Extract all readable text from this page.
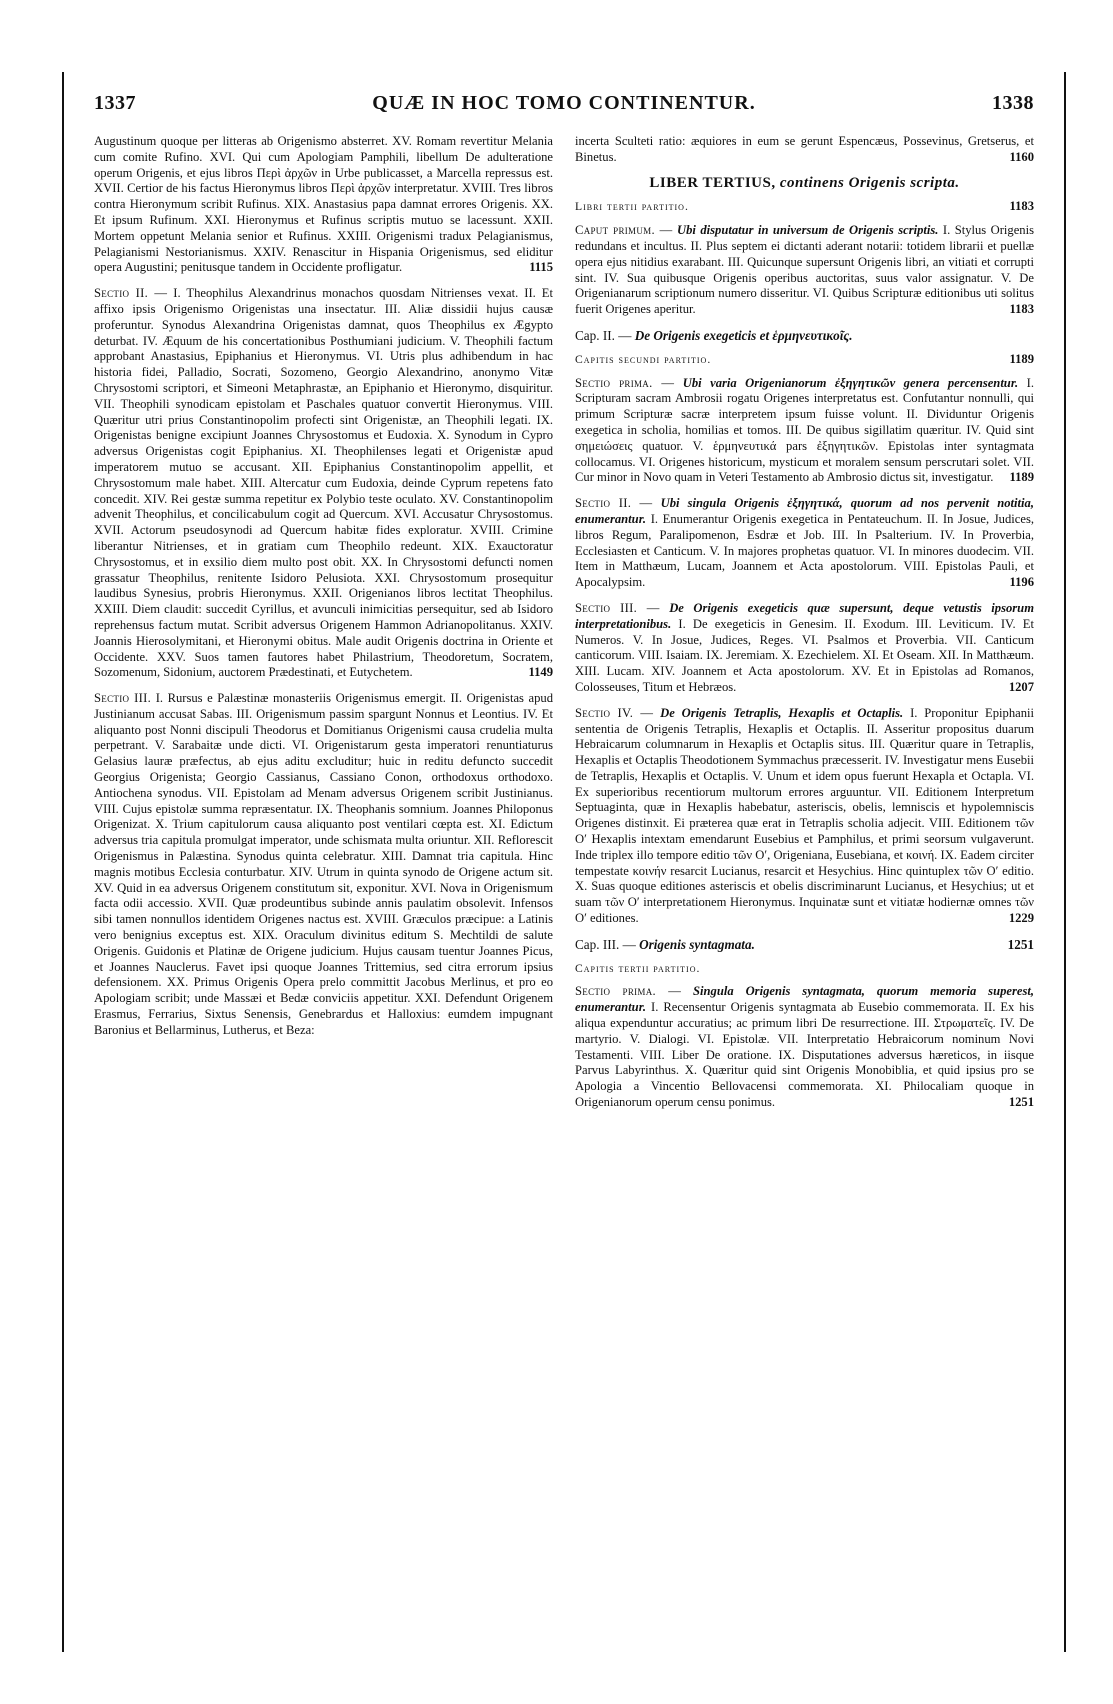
1337	QUÆ IN HOC TOMO CONTINENTUR.	1338

Augustinum quoque per litteras ab Origenismo absterret. XV. Romam revertitur Melania cum comite Rufino. XVI. Qui cum Apologiam Pamphili, libellum De adulteratione operum Origenis, et ejus libros Περὶ ἀρχῶν in Urbe publicasset, a Marcella repressus est. XVII. Certior de his factus Hieronymus libros Περὶ ἀρχῶν interpretatur. XVIII. Tres libros contra Hieronymum scribit Rufinus. XIX. Anastasius papa damnat errores Origenis. XX. Et ipsum Rufinum. XXI. Hieronymus et Rufinus scriptis mutuo se lacessunt. XXII. Mortem oppetunt Melania senior et Rufinus. XXIII. Origenismi tradux Pelagianismus, Pelagianismi Nestorianismus. XXIV. Renascitur in Hispania Origenismus, sed eliditur opera Augustini; penitusque tandem in Occidente profligatur.	1115

Sectio II. — I. Theophilus Alexandrinus monachos quosdam Nitrienses vexat. II. Et affixo ipsis Origenismo Origenistas una insectatur. III. Aliæ dissidii hujus causæ proferuntur. Synodus Alexandrina Origenistas damnat, quos Theophilus ex Ægypto deturbat. IV. Æquum de his concertationibus Posthumiani judicium. V. Theophili factum approbant Anastasius, Epiphanius et Hieronymus. VI. Utris plus adhibendum in hac historia fidei, Palladio, Socrati, Sozomeno, Georgio Alexandrino, anonymo Vitæ Chrysostomi scriptori, et Simeoni Metaphrastæ, an Epiphanio et Hieronymo, disquiritur. VII. Theophili synodicam epistolam et Paschales quatuor convertit Hieronymus. VIII. Quæritur utri prius Constantinopolim profecti sint Origenistæ, an Theophili legati. IX. Origenistas benigne excipiunt Joannes Chrysostomus et Eudoxia. X. Synodum in Cypro adversus Origenistas cogit Epiphanius. XI. Theophilenses legati et Origenistæ apud imperatorem mutuo se accusant. XII. Epiphanius Constantinopolim appellit, et Chrysostomum male habet. XIII. Altercatur cum Eudoxia, deinde Cyprum repetens fato concedit. XIV. Rei gestæ summa repetitur ex Polybio teste oculato. XV. Constantinopolim advenit Theophilus, et concilicabulum cogit ad Quercum. XVI. Accusatur Chrysostomus. XVII. Actorum pseudosynodi ad Quercum habitæ fides exploratur. XVIII. Crimine liberantur Nitrienses, et in gratiam cum Theophilo redeunt. XIX. Exauctoratur Chrysostomus, et in exsilio diem multo post obit. XX. In Chrysostomi defuncti nomen grassatur Theophilus, renitente Isidoro Pelusiota. XXI. Chrysostomum prosequitur laudibus Synesius, probris Hieronymus. XXII. Origenianos libros lectitat Theophilus. XXIII. Diem claudit: succedit Cyrillus, et avunculi inimicitias persequitur, sed ab Isidoro reprehensus factum mutat. Scribit adversus Origenem Hammon Adrianopolitanus. XXIV. Joannis Hierosolymitani, et Hieronymi obitus. Male audit Origenis doctrina in Oriente et Occidente. XXV. Suos tamen fautores habet Philastrium, Theodoretum, Socratem, Sozomenum, Sidonium, auctorem Prædestinati, et Eutychetem.	1149

Sectio III. I. Rursus e Palæstinæ monasteriis Origenismus emergit. II. Origenistas apud Justinianum accusat Sabas. III. Origenismum passim spargunt Nonnus et Leontius. IV. Et aliquanto post Nonni discipuli Theodorus et Domitianus Origenismi causa crudelia multa perpetrant. V. Sarabaitæ unde dicti. VI. Origenistarum gesta imperatori renuntiaturus Gelasius lauræ præfectus, ab ejus aditu excluditur; huic in reditu defuncto succedit Georgius Origenista; Georgio Cassianus, Cassiano Conon, orthodoxus orthodoxo. Antiochena synodus. VII. Epistolam ad Menam adversus Origenem scribit Justinianus. VIII. Cujus epistolæ summa repræsentatur. IX. Theophanis somnium. Joannes Philoponus Origenizat. X. Trium capitulorum causa aliquanto post ventilari cœpta est. XI. Edictum adversus tria capitula promulgat imperator, unde schismata multa oriuntur. XII. Reflorescit Origenismus in Palæstina. Synodus quinta celebratur. XIII. Damnat tria capitula. Hinc magnis motibus Ecclesia conturbatur. XIV. Utrum in quinta synodo de Origene actum sit. XV. Quid in ea adversus Origenem constitutum sit, exponitur. XVI. Nova in Origenismum facta odii accessio. XVII. Quæ prodeuntibus subinde annis paulatim obsolevit. Infensos sibi tamen nonnullos identidem Origenes nactus est. XVIII. Græculos præcipue: a Latinis vero benignius exceptus est. XIX. Oraculum divinitus editum S. Mechtildi de salute Origenis. Guidonis et Platinæ de Origene judicium. Hujus causam tuentur Joannes Picus, et Joannes Nauclerus. Favet ipsi quoque Joannes Trittemius, sed citra errorum ipsius defensionem. XX. Primus Origenis Opera prelo committit Jacobus Merlinus, et pro eo Apologiam scribit; unde Massæi et Bedæ conviciis appetitur. XXI. Defendunt Origenem Erasmus, Ferrarius, Sixtus Senensis, Genebrardus et Halloxius: eumdem impugnant Baronius et Bellarminus, Lutherus, et Beza:

incerta Sculteti ratio: æquiores in eum se gerunt Espencæus, Possevinus, Gretserus, et Binetus.	1160

LIBER TERTIUS, continens Origenis scripta.
Libri tertii partitio.	1183

Caput primum. — Ubi disputatur in universum de Origenis scriptis. I. Stylus Origenis redundans et incultus. II. Plus septem ei dictanti aderant notarii: totidem librarii et puellæ opera ejus nitidius exarabant. III. Quicunque supersunt Origenis libri, an vitiati et corrupti sint. IV. Sua quibusque Origenis operibus auctoritas, suus valor assignatur. V. De Origenianarum scriptionum numero disseritur. VI. Quibus Scripturæ editionibus uti solitus fuerit Origenes aperitur.	1183

Cap. II. — De Origenis exegeticis et ἑρμηνευτικοῖς.
Capitis secundi partitio.	1189

Sectio prima. — Ubi varia Origenianorum ἐξηγητικῶν genera percensentur. I. Scripturam sacram Ambrosii rogatu Origenes interpretatus est. Confutantur nonnulli, qui primum Scripturæ sacræ interpretem ipsum fuisse volunt. II. Dividuntur Origenis exegetica in scholia, homilias et tomos. III. De quibus sigillatim quæritur. IV. Quid sint σημειώσεις quatuor. V. ἑρμηνευτικά pars ἐξηγητικῶν. Epistolas inter syntagmata collocamus. VI. Origenes historicum, mysticum et moralem sensum perscrutari solet. VII. Cur minor in Novo quam in Veteri Testamento ab Ambrosio dictus sit, investigatur. 1189

Sectio II. — Ubi singula Origenis ἐξηγητικά, quorum ad nos pervenit notitia, enumerantur. I. Enumerantur Origenis exegetica in Pentateuchum. II. In Josue, Judices, libros Regum, Paralipomenon, Esdræ et Job. III. In Psalterium. IV. In Proverbia, Ecclesiasten et Canticum. V. In majores prophetas quatuor. VI. In minores duodecim. VII. Item in Matthæum, Lucam, Joannem et Acta apostolorum. VIII. Epistolas Pauli, et Apocalypsim.	1196

Sectio III. — De Origenis exegeticis quæ supersunt, deque vetustis ipsorum interpretationibus. I. De exegeticis in Genesim. II. Exodum. III. Leviticum. IV. Et Numeros. V. In Josue, Judices, Reges. VI. Psalmos et Proverbia. VII. Canticum canticorum. VIII. Isaiam. IX. Jeremiam. X. Ezechielem. XI. Et Oseam. XII. In Matthæum. XIII. Lucam. XIV. Joannem et Acta apostolorum. XV. Et in Epistolas ad Romanos, Colosseuses, Titum et Hebræos.	1207

Sectio IV. — De Origenis Tetraplis, Hexaplis et Octaplis. I. Proponitur Epiphanii sententia de Origenis Tetraplis, Hexaplis et Octaplis. II. Asseritur propositus duarum Hebraicarum columnarum in Hexaplis et Octaplis situs. III. Quæritur quare in Tetraplis, Hexaplis et Octaplis Theodotionem Symmachus præcesserit. IV. Investigatur mens Eusebii de Tetraplis, Hexaplis et Octaplis. V. Unum et idem opus fuerunt Hexapla et Octapla. VI. Ex superioribus recentiorum multorum errores arguuntur. VII. Editionem Interpretum Septuaginta, quæ in Hexaplis habebatur, asteriscis, obelis, lemniscis et hypolemniscis Origenes distinxit. Ei præterea quæ erat in Tetraplis scholia adjecit. VIII. Editionem τῶν Οʹ Hexaplis intextam emendarunt Eusebius et Pamphilus, et primi seorsum vulgaverunt. Inde triplex illo tempore editio τῶν Οʹ, Origeniana, Eusebiana, et κοινή. IX. Eadem circiter tempestate κοινήν resarcit Lucianus, resarcit et Hesychius. Hinc quintuplex τῶν Οʹ editio. X. Suas quoque editiones asteriscis et obelis discriminarunt Lucianus, et Hesychius; ut et suam τῶν Οʹ interpretationem Hieronymus. Inquinatæ sunt et vitiatæ hodiernæ omnes τῶν Οʹ editiones.	1229

Cap. III. — Origenis syntagmata.	1251
Capitis tertii partitio.

Sectio prima. — Singula Origenis syntagmata, quorum memoria superest, enumerantur. I. Recensentur Origenis syntagmata ab Eusebio commemorata. II. Ex his aliqua expenduntur accuratius; ac primum libri De resurrectione. III. Στρωματεῖς. IV. De martyrio. V. Dialogi. VI. Epistolæ. VII. Interpretatio Hebraicorum nominum Novi Testamenti. VIII. Liber De oratione. IX. Disputationes adversus hæreticos, in iisque Parvus Labyrinthus. X. Quæritur quid sint Origenis Monobiblia, et quid ipsius pro se Apologia a Vincentio Bellovacensi commemorata. XI. Philocaliam quoque in Origenianorum operum censu ponimus.	1251
